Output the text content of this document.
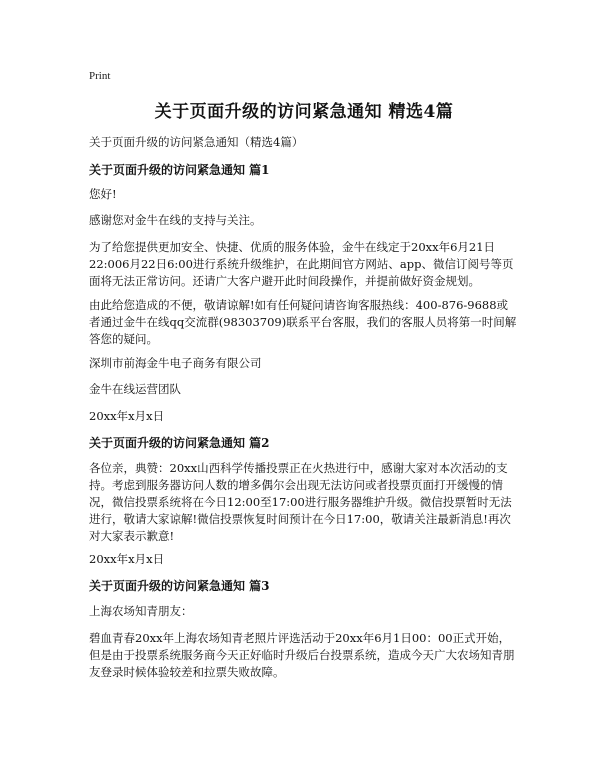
Print
关于页面升级的访问紧急通知 精选4篇
关于页面升级的访问紧急通知（精选4篇）
关于页面升级的访问紧急通知 篇1
您好!
感谢您对金牛在线的支持与关注。
为了给您提供更加安全、快捷、优质的服务体验，金牛在线定于20xx年6月21日22:006月22日6:00进行系统升级维护，在此期间官方网站、app、微信订阅号等页面将无法正常访问。还请广大客户避开此时间段操作，并提前做好资金规划。
由此给您造成的不便，敬请谅解!如有任何疑问请咨询客服热线：400-876-9688或者通过金牛在线qq交流群(98303709)联系平台客服，我们的客服人员将第一时间解答您的疑问。
深圳市前海金牛电子商务有限公司
金牛在线运营团队
20xx年x月x日
关于页面升级的访问紧急通知 篇2
各位亲，典赞：20xx山西科学传播投票正在火热进行中，感谢大家对本次活动的支持。考虑到服务器访问人数的增多偶尔会出现无法访问或者投票页面打开缓慢的情况，微信投票系统将在今日12:00至17:00进行服务器维护升级。微信投票暂时无法进行，敬请大家谅解!微信投票恢复时间预计在今日17:00，敬请关注最新消息!再次对大家表示歉意!
20xx年x月x日
关于页面升级的访问紧急通知 篇3
上海农场知青朋友：
碧血青春20xx年上海农场知青老照片评选活动于20xx年6月1日00：00正式开始，但是由于投票系统服务商今天正好临时升级后台投票系统，造成今天广大农场知青朋友登录时候体验较差和拉票失败故障。
